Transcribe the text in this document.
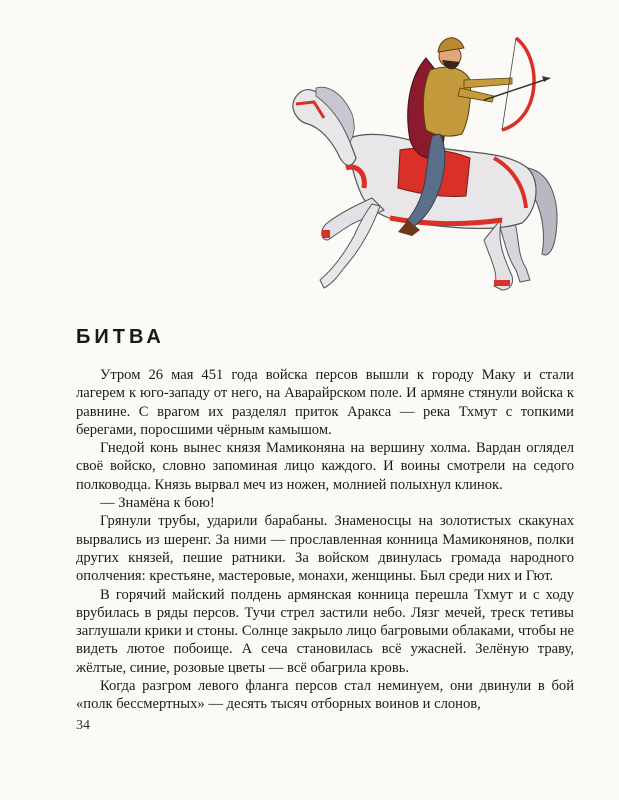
БИТВА

Утром 26 мая 451 года войска персов вышли к городу Маку и стали лагерем к юго-западу от него, на Аварайрском поле. И армяне стянули войска к равнине. С врагом их разделял приток Аракса — река Тхмут с топкими берегами, поросшими чёрным камышом.

Гнедой конь вынес князя Мамиконяна на вершину холма. Вардан оглядел своё войско, словно запоминая лицо каждого. И воины смотрели на седого полководца. Князь вырвал меч из ножен, молнией полыхнул клинок.

— Знамёна к бою!

Грянули трубы, ударили барабаны. Знаменосцы на золотистых скакунах вырвались из шеренг. За ними — прославленная конница Мамиконянов, полки других князей, пешие ратники. За войском двинулась громада народного ополчения: крестьяне, мастеровые, монахи, женщины. Был среди них и Гют.

В горячий майский полдень армянская конница перешла Тхмут и с ходу врубилась в ряды персов. Тучи стрел застили небо. Лязг мечей, треск тетивы заглушали крики и стоны. Солнце закрыло лицо багровыми облаками, чтобы не видеть лютое побоище. А сеча становилась всё ужасней. Зелёную траву, жёлтые, синие, розовые цветы — всё обагрила кровь.

Когда разгром левого фланга персов стал неминуем, они двинули в бой «полк бессмертных» — десять тысяч отборных воинов и слонов,

34
